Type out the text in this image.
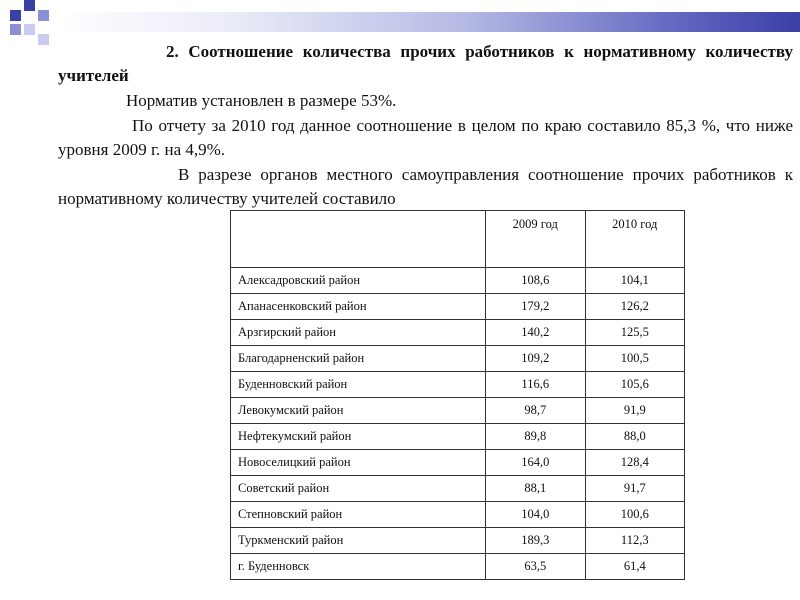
2. Соотношение количества прочих работников к нормативному количеству учителей

Норматив установлен в размере 53%.

По отчету за 2010 год данное соотношение в целом по краю составило 85,3 %, что ниже уровня 2009 г. на 4,9%.

В разрезе органов местного самоуправления соотношение прочих работников к нормативному количеству учителей составило

	2009 год	2010 год
Алексадровский район	108,6	104,1
Апанасенковский район	179,2	126,2
Арзгирский район	140,2	125,5
Благодарненский район	109,2	100,5
Буденновский район	116,6	105,6
Левокумский район	98,7	91,9
Нефтекумский район	89,8	88,0
Новоселицкий район	164,0	128,4
Советский район	88,1	91,7
Степновский район	104,0	100,6
Туркменский район	189,3	112,3
г. Буденновск	63,5	61,4
